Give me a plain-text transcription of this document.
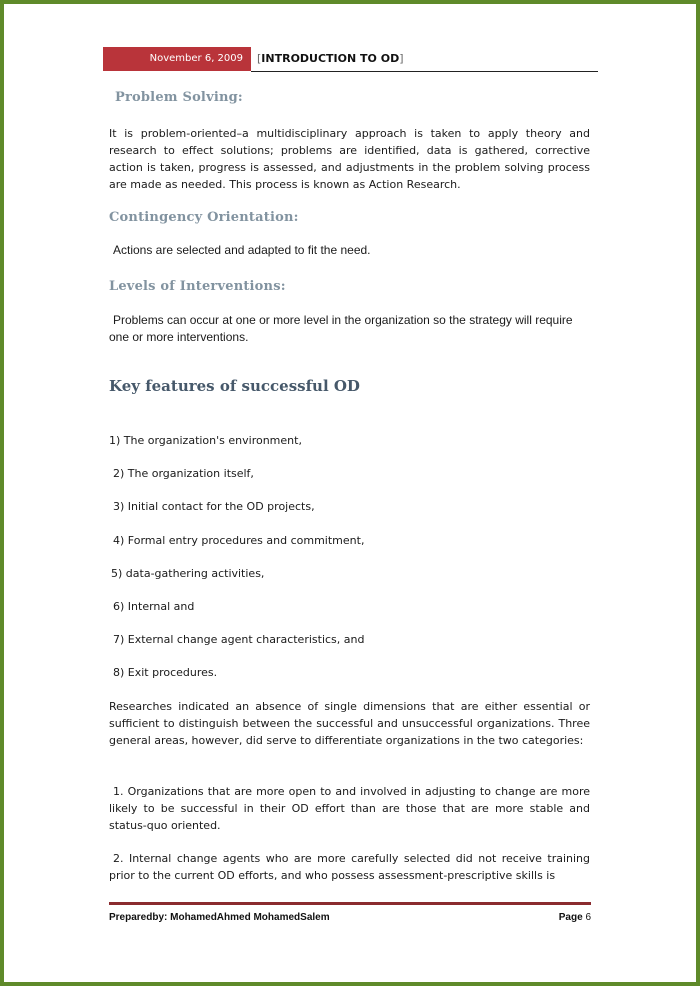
November 6, 2009	[INTRODUCTION TO OD]
Problem Solving:
It is problem-oriented–a multidisciplinary approach is taken to apply theory and research to effect solutions; problems are identified, data is gathered, corrective action is taken, progress is assessed, and adjustments in the problem solving process are made as needed. This process is known as Action Research.
Contingency Orientation:
Actions are selected and adapted to fit the need.
Levels of Interventions:
Problems can occur at one or more level in the organization so the strategy will require one or more interventions.
Key features of successful OD
1) The organization's environment,
2) The organization itself,
3) Initial contact for the OD projects,
4) Formal entry procedures and commitment,
5) data-gathering activities,
6) Internal and
7) External change agent characteristics, and
8) Exit procedures.
Researches indicated an absence of single dimensions that are either essential or sufficient to distinguish between the successful and unsuccessful organizations. Three general areas, however, did serve to differentiate organizations in the two categories:
1. Organizations that are more open to and involved in adjusting to change are more likely to be successful in their OD effort than are those that are more stable and status-quo oriented.
2. Internal change agents who are more carefully selected did not receive training prior to the current OD efforts, and who possess assessment-prescriptive skills is
Preparedby: MohamedAhmed MohamedSalem	Page 6
